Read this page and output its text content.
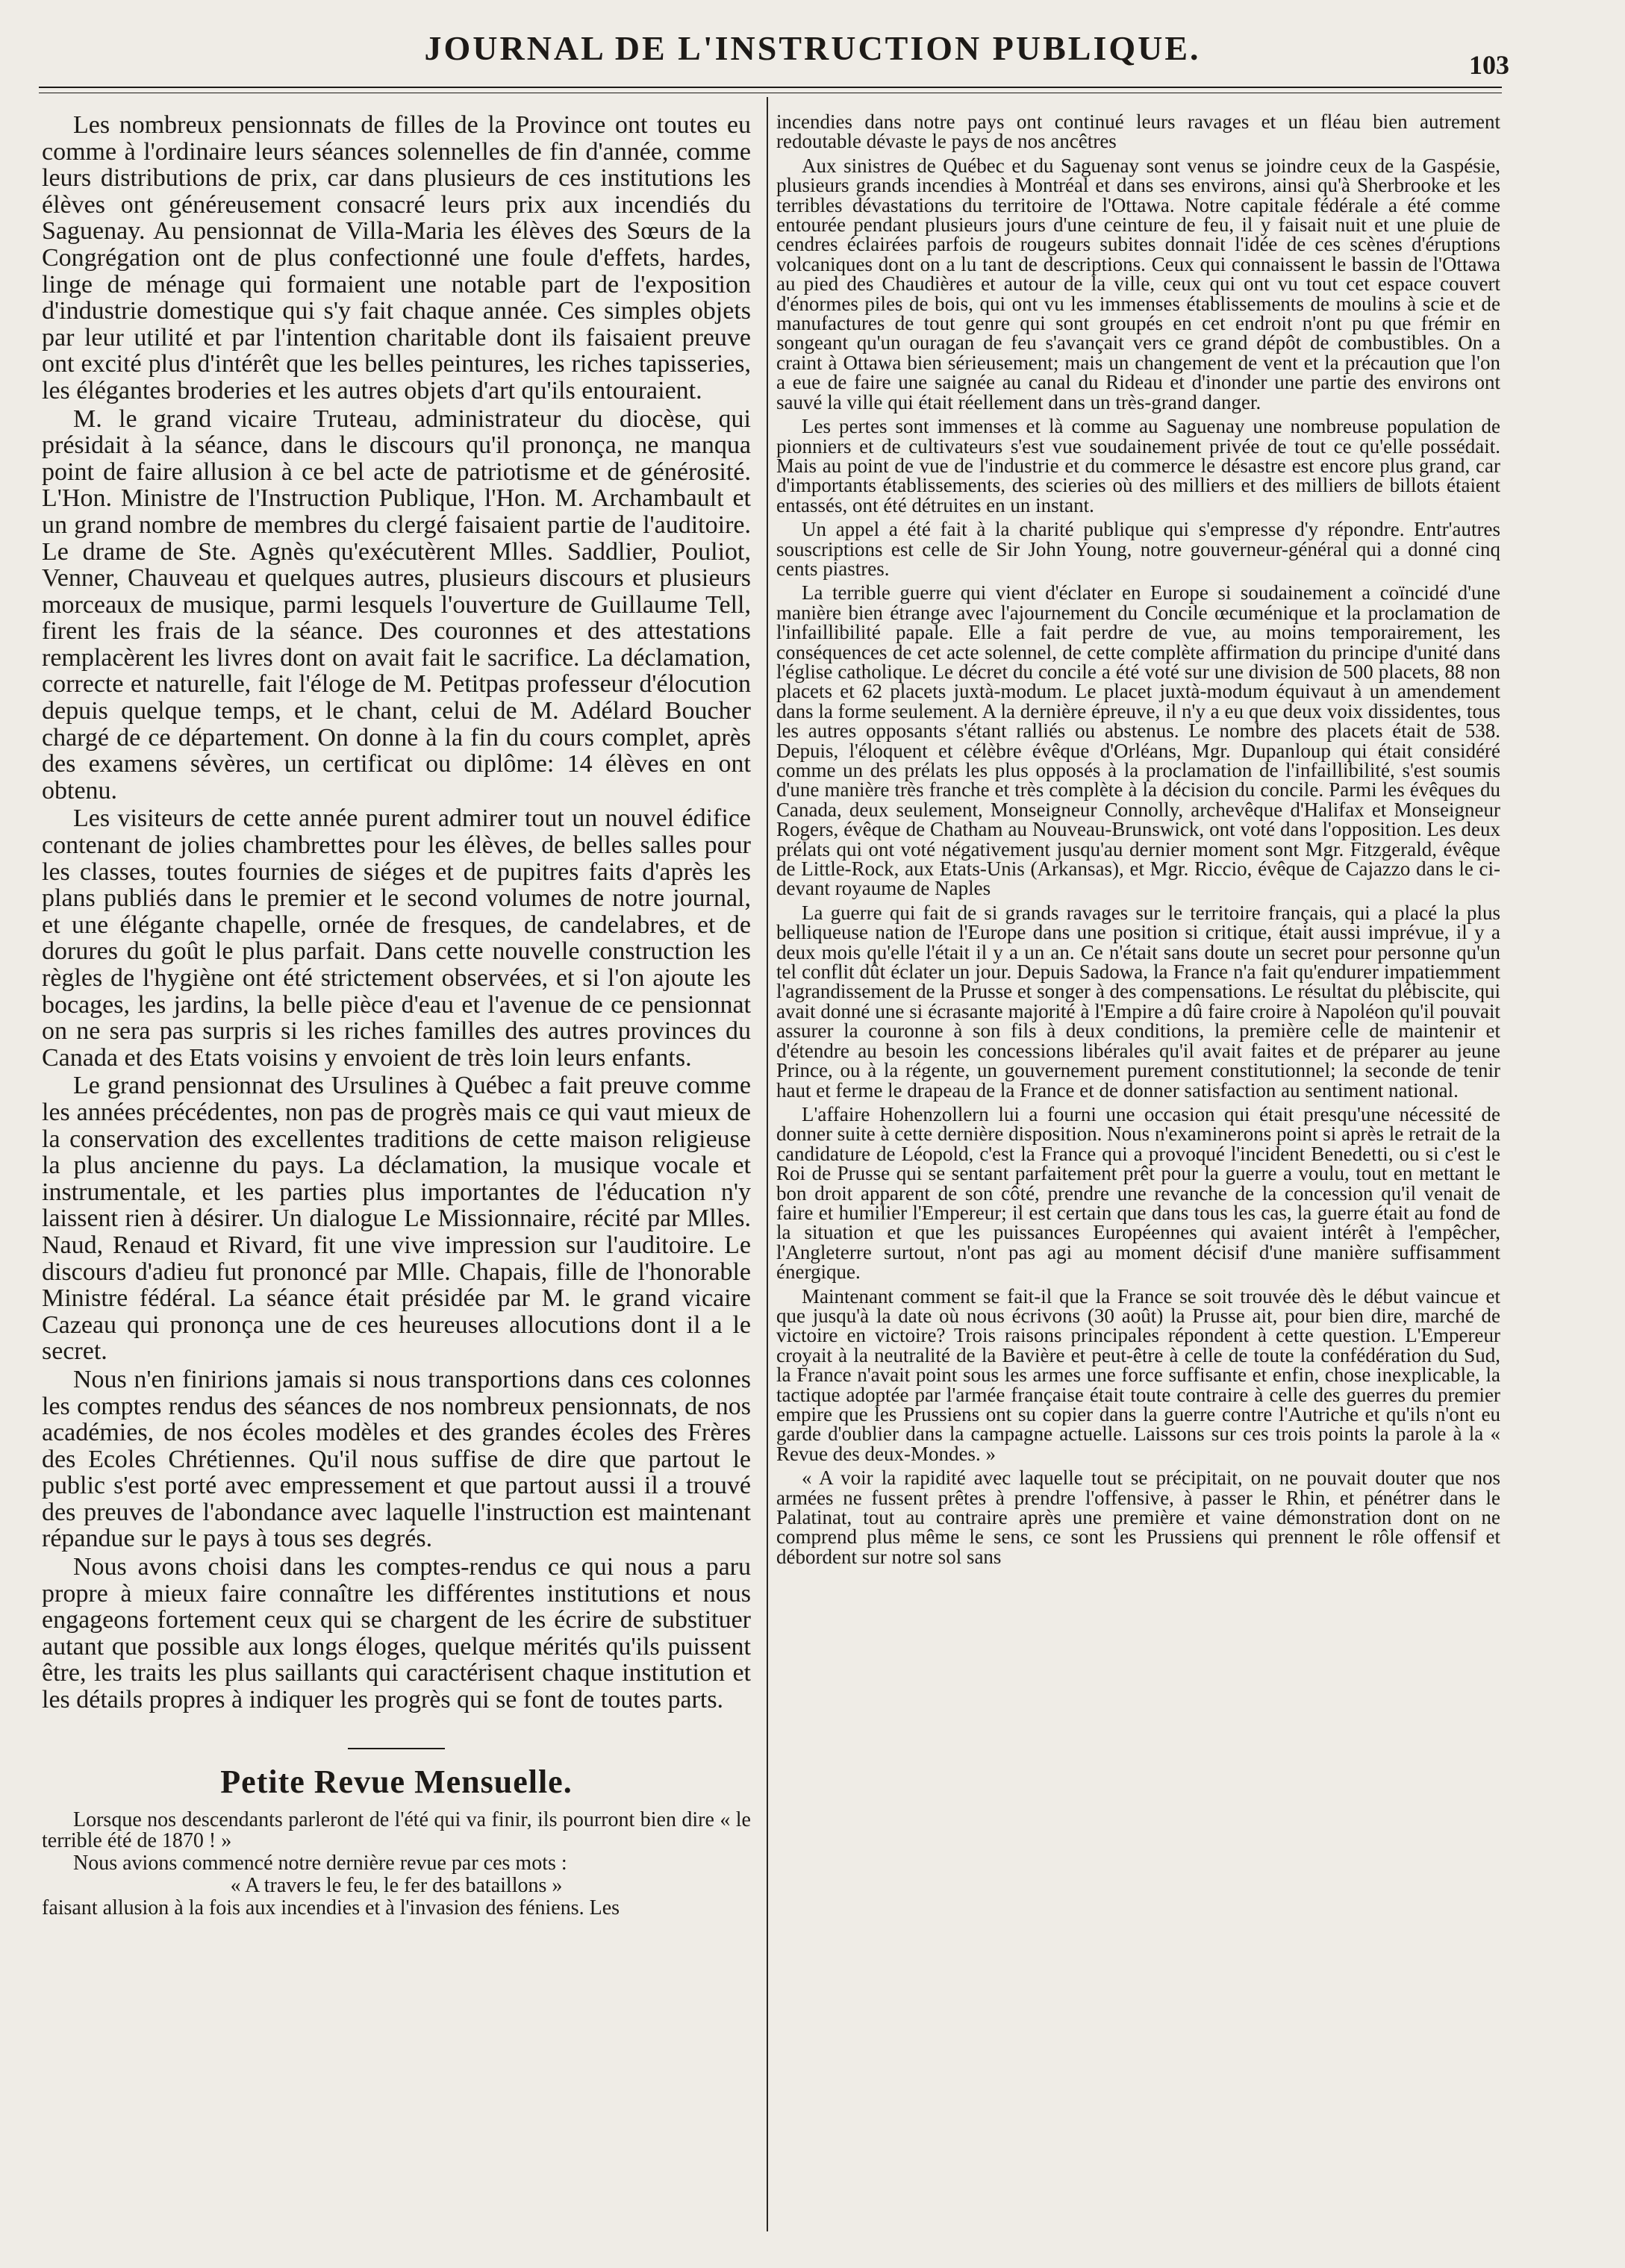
JOURNAL DE L'INSTRUCTION PUBLIQUE.	103

Les nombreux pensionnats de filles de la Province ont toutes eu comme à l'ordinaire leurs séances solennelles de fin d'année, comme leurs distributions de prix, car dans plusieurs de ces institutions les élèves ont généreusement consacré leurs prix aux incendiés du Saguenay. Au pensionnat de Villa-Maria les élèves des Sœurs de la Congrégation ont de plus confectionné une foule d'effets, hardes, linge de ménage qui formaient une notable part de l'exposition d'industrie domestique qui s'y fait chaque année. Ces simples objets par leur utilité et par l'intention charitable dont ils faisaient preuve ont excité plus d'intérêt que les belles peintures, les riches tapisseries, les élégantes broderies et les autres objets d'art qu'ils entouraient.

M. le grand vicaire Truteau, administrateur du diocèse, qui présidait à la séance, dans le discours qu'il prononça, ne manqua point de faire allusion à ce bel acte de patriotisme et de générosité. L'Hon. Ministre de l'Instruction Publique, l'Hon. M. Archambault et un grand nombre de membres du clergé faisaient partie de l'auditoire. Le drame de Ste. Agnès qu'exécutèrent Mlles. Saddlier, Pouliot, Venner, Chauveau et quelques autres, plusieurs discours et plusieurs morceaux de musique, parmi lesquels l'ouverture de Guillaume Tell, firent les frais de la séance. Des couronnes et des attestations remplacèrent les livres dont on avait fait le sacrifice. La déclamation, correcte et naturelle, fait l'éloge de M. Petitpas professeur d'élocution depuis quelque temps, et le chant, celui de M. Adélard Boucher chargé de ce département. On donne à la fin du cours complet, après des examens sévères, un certificat ou diplôme: 14 élèves en ont obtenu.

Les visiteurs de cette année purent admirer tout un nouvel édifice contenant de jolies chambrettes pour les élèves, de belles salles pour les classes, toutes fournies de siéges et de pupitres faits d'après les plans publiés dans le premier et le second volumes de notre journal, et une élégante chapelle, ornée de fresques, de candelabres, et de dorures du goût le plus parfait. Dans cette nouvelle construction les règles de l'hygiène ont été strictement observées, et si l'on ajoute les bocages, les jardins, la belle pièce d'eau et l'avenue de ce pensionnat on ne sera pas surpris si les riches familles des autres provinces du Canada et des Etats voisins y envoient de très loin leurs enfants.

Le grand pensionnat des Ursulines à Québec a fait preuve comme les années précédentes, non pas de progrès mais ce qui vaut mieux de la conservation des excellentes traditions de cette maison religieuse la plus ancienne du pays. La déclamation, la musique vocale et instrumentale, et les parties plus importantes de l'éducation n'y laissent rien à désirer. Un dialogue Le Missionnaire, récité par Mlles. Naud, Renaud et Rivard, fit une vive impression sur l'auditoire. Le discours d'adieu fut prononcé par Mlle. Chapais, fille de l'honorable Ministre fédéral. La séance était présidée par M. le grand vicaire Cazeau qui prononça une de ces heureuses allocutions dont il a le secret.

Nous n'en finirions jamais si nous transportions dans ces colonnes les comptes rendus des séances de nos nombreux pensionnats, de nos académies, de nos écoles modèles et des grandes écoles des Frères des Ecoles Chrétiennes. Qu'il nous suffise de dire que partout le public s'est porté avec empressement et que partout aussi il a trouvé des preuves de l'abondance avec laquelle l'instruction est maintenant répandue sur le pays à tous ses degrés.

Nous avons choisi dans les comptes-rendus ce qui nous a paru propre à mieux faire connaître les différentes institutions et nous engageons fortement ceux qui se chargent de les écrire de substituer autant que possible aux longs éloges, quelque mérités qu'ils puissent être, les traits les plus saillants qui caractérisent chaque institution et les détails propres à indiquer les progrès qui se font de toutes parts.

Petite Revue Mensuelle.

Lorsque nos descendants parleront de l'été qui va finir, ils pourront bien dire « le terrible été de 1870 ! »

Nous avions commencé notre dernière revue par ces mots :

« A travers le feu, le fer des bataillons »

faisant allusion à la fois aux incendies et à l'invasion des féniens. Les

incendies dans notre pays ont continué leurs ravages et un fléau bien autrement redoutable dévaste le pays de nos ancêtres

Aux sinistres de Québec et du Saguenay sont venus se joindre ceux de la Gaspésie, plusieurs grands incendies à Montréal et dans ses environs, ainsi qu'à Sherbrooke et les terribles dévastations du territoire de l'Ottawa. Notre capitale fédérale a été comme entourée pendant plusieurs jours d'une ceinture de feu, il y faisait nuit et une pluie de cendres éclairées parfois de rougeurs subites donnait l'idée de ces scènes d'éruptions volcaniques dont on a lu tant de descriptions. Ceux qui connaissent le bassin de l'Ottawa au pied des Chaudières et autour de la ville, ceux qui ont vu tout cet espace couvert d'énormes piles de bois, qui ont vu les immenses établissements de moulins à scie et de manufactures de tout genre qui sont groupés en cet endroit n'ont pu que frémir en songeant qu'un ouragan de feu s'avançait vers ce grand dépôt de combustibles. On a craint à Ottawa bien sérieusement; mais un changement de vent et la précaution que l'on a eue de faire une saignée au canal du Rideau et d'inonder une partie des environs ont sauvé la ville qui était réellement dans un très-grand danger.

Les pertes sont immenses et là comme au Saguenay une nombreuse population de pionniers et de cultivateurs s'est vue soudainement privée de tout ce qu'elle possédait. Mais au point de vue de l'industrie et du commerce le désastre est encore plus grand, car d'importants établissements, des scieries où des milliers et des milliers de billots étaient entassés, ont été détruites en un instant.

Un appel a été fait à la charité publique qui s'empresse d'y répondre. Entr'autres souscriptions est celle de Sir John Young, notre gouverneur-général qui a donné cinq cents piastres.

La terrible guerre qui vient d'éclater en Europe si soudainement a coïncidé d'une manière bien étrange avec l'ajournement du Concile œcuménique et la proclamation de l'infaillibilité papale. Elle a fait perdre de vue, au moins temporairement, les conséquences de cet acte solennel, de cette complète affirmation du principe d'unité dans l'église catholique. Le décret du concile a été voté sur une division de 500 placets, 88 non placets et 62 placets juxtà-modum. Le placet juxtà-modum équivaut à un amendement dans la forme seulement. A la dernière épreuve, il n'y a eu que deux voix dissidentes, tous les autres opposants s'étant ralliés ou abstenus. Le nombre des placets était de 538. Depuis, l'éloquent et célèbre évêque d'Orléans, Mgr. Dupanloup qui était considéré comme un des prélats les plus opposés à la proclamation de l'infaillibilité, s'est soumis d'une manière très franche et très complète à la décision du concile. Parmi les évêques du Canada, deux seulement, Monseigneur Connolly, archevêque d'Halifax et Monseigneur Rogers, évêque de Chatham au Nouveau-Brunswick, ont voté dans l'opposition. Les deux prélats qui ont voté négativement jusqu'au dernier moment sont Mgr. Fitzgerald, évêque de Little-Rock, aux Etats-Unis (Arkansas), et Mgr. Riccio, évêque de Cajazzo dans le ci-devant royaume de Naples

La guerre qui fait de si grands ravages sur le territoire français, qui a placé la plus belliqueuse nation de l'Europe dans une position si critique, était aussi imprévue, il y a deux mois qu'elle l'était il y a un an. Ce n'était sans doute un secret pour personne qu'un tel conflit dût éclater un jour. Depuis Sadowa, la France n'a fait qu'endurer impatiemment l'agrandissement de la Prusse et songer à des compensations. Le résultat du plébiscite, qui avait donné une si écrasante majorité à l'Empire a dû faire croire à Napoléon qu'il pouvait assurer la couronne à son fils à deux conditions, la première celle de maintenir et d'étendre au besoin les concessions libérales qu'il avait faites et de préparer au jeune Prince, ou à la régente, un gouvernement purement constitutionnel; la seconde de tenir haut et ferme le drapeau de la France et de donner satisfaction au sentiment national.

L'affaire Hohenzollern lui a fourni une occasion qui était presqu'une nécessité de donner suite à cette dernière disposition. Nous n'examinerons point si après le retrait de la candidature de Léopold, c'est la France qui a provoqué l'incident Benedetti, ou si c'est le Roi de Prusse qui se sentant parfaitement prêt pour la guerre a voulu, tout en mettant le bon droit apparent de son côté, prendre une revanche de la concession qu'il venait de faire et humilier l'Empereur; il est certain que dans tous les cas, la guerre était au fond de la situation et que les puissances Européennes qui avaient intérêt à l'empêcher, l'Angleterre surtout, n'ont pas agi au moment décisif d'une manière suffisamment énergique.

Maintenant comment se fait-il que la France se soit trouvée dès le début vaincue et que jusqu'à la date où nous écrivons (30 août) la Prusse ait, pour bien dire, marché de victoire en victoire? Trois raisons principales répondent à cette question. L'Empereur croyait à la neutralité de la Bavière et peut-être à celle de toute la confédération du Sud, la France n'avait point sous les armes une force suffisante et enfin, chose inexplicable, la tactique adoptée par l'armée française était toute contraire à celle des guerres du premier empire que les Prussiens ont su copier dans la guerre contre l'Autriche et qu'ils n'ont eu garde d'oublier dans la campagne actuelle. Laissons sur ces trois points la parole à la « Revue des deux-Mondes. »

« A voir la rapidité avec laquelle tout se précipitait, on ne pouvait douter que nos armées ne fussent prêtes à prendre l'offensive, à passer le Rhin, et pénétrer dans le Palatinat, tout au contraire après une première et vaine démonstration dont on ne comprend plus même le sens, ce sont les Prussiens qui prennent le rôle offensif et débordent sur notre sol sans
